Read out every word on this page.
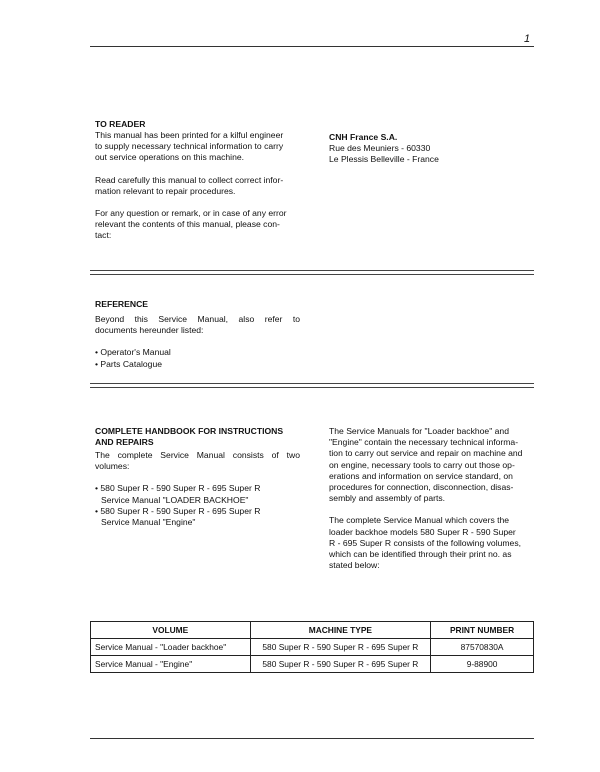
1

TO READER

This manual has been printed for a kilful engineer

to supply necessary technical information to carry

out service operations on this machine.

Read carefully this manual to collect correct infor-

mation relevant to repair procedures.

For any question or remark, or in case of any error

relevant the contents of this manual, please con-

tact:

CNH France S.A.

Rue des Meuniers - 60330

Le Plessis Belleville - France

REFERENCE

Beyond this Service Manual, also refer to

documents hereunder listed:

• Operator's Manual

• Parts Catalogue

COMPLETE HANDBOOK FOR INSTRUCTIONS

AND REPAIRS

The complete Service Manual consists of two

volumes:

• 580 Super R - 590 Super R - 695 Super R

Service Manual "LOADER BACKHOE"

• 580 Super R - 590 Super R - 695 Super R

Service Manual "Engine"

The Service Manuals for "Loader backhoe" and

"Engine" contain the necessary technical informa-

tion to carry out service and repair on machine and

on engine, necessary tools to carry out those op-

erations and information on service standard, on

procedures for connection, disconnection, disas-

sembly and assembly of parts.

The complete Service Manual which covers the

loader backhoe models 580 Super R - 590 Super

R - 695 Super R consists of the following volumes,

which can be identified through their print no. as

stated below:

VOLUME	MACHINE TYPE	PRINT NUMBER
Service Manual - "Loader backhoe"	580 Super R - 590 Super R - 695 Super R	87570830A
Service Manual - "Engine"	580 Super R - 590 Super R - 695 Super R	9-88900
